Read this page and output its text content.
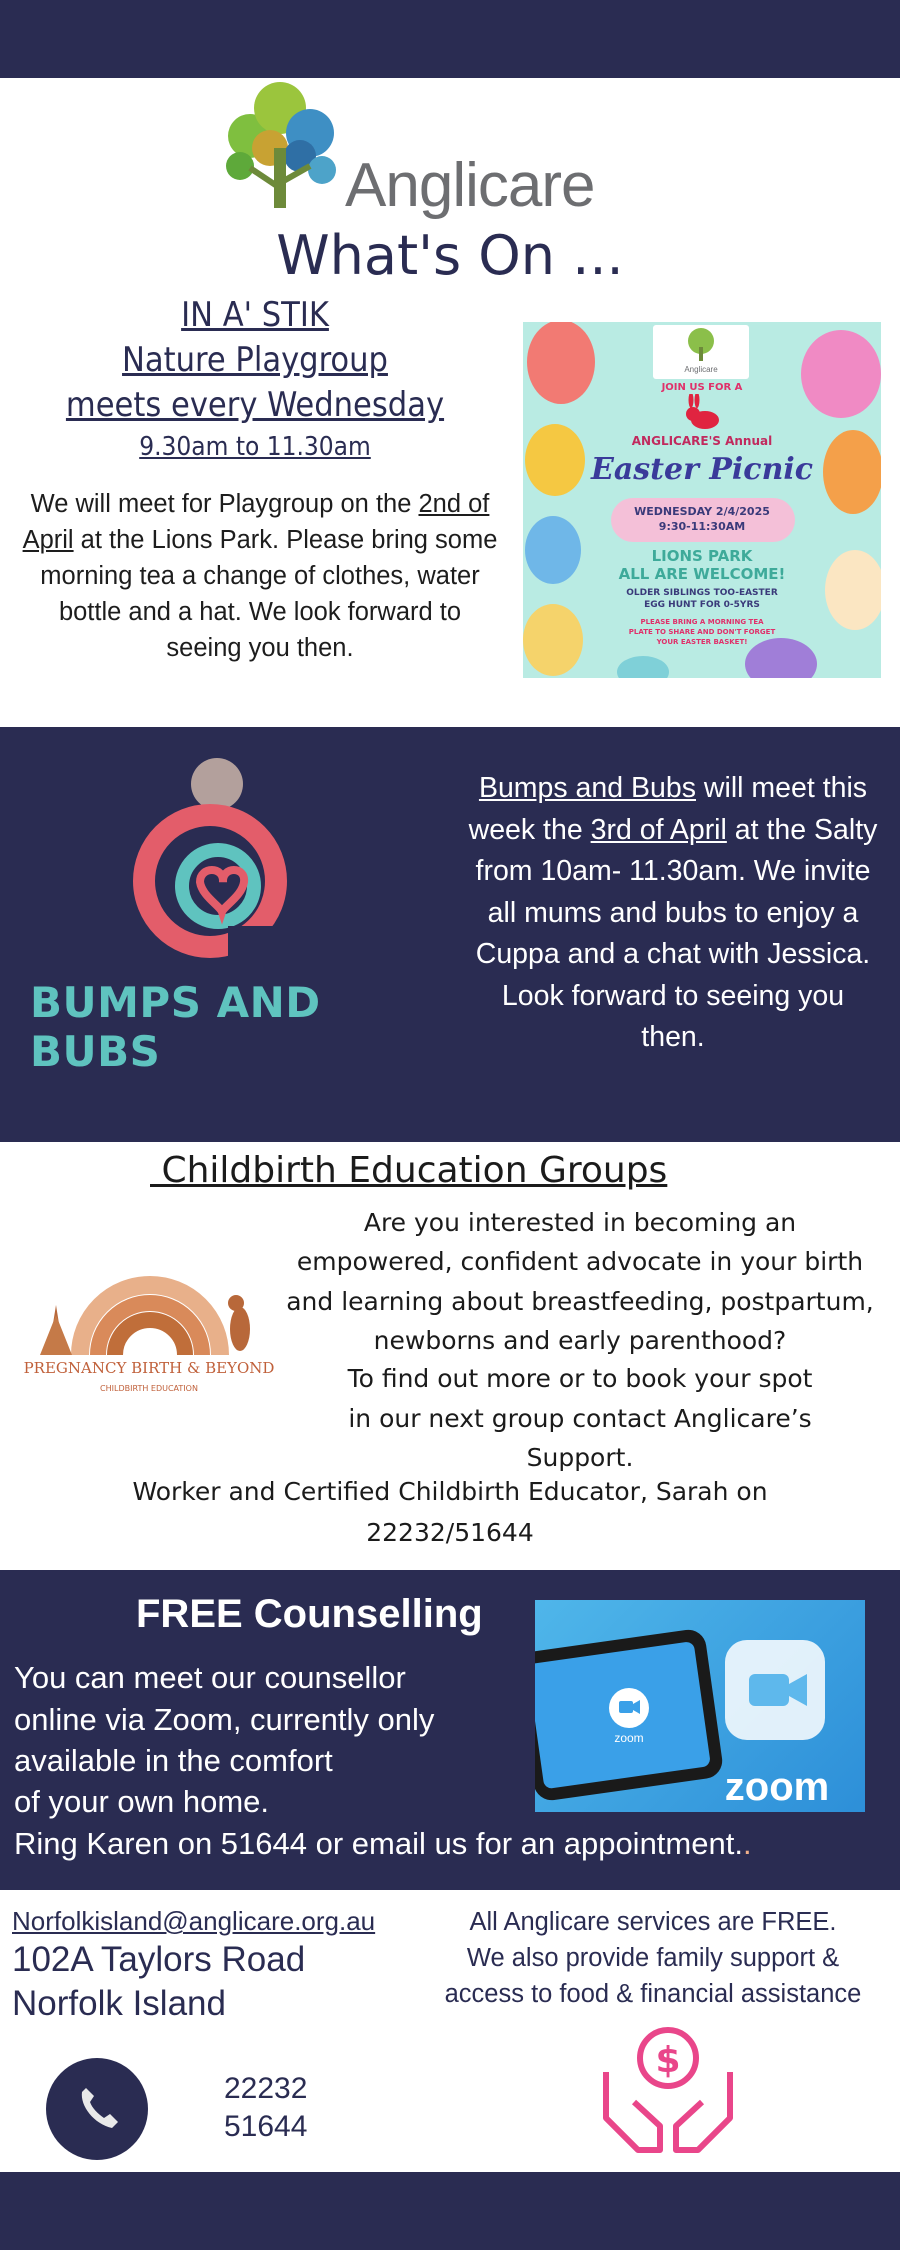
Anglicare
What's On ...
IN A' STIK
Nature Playgroup
meets every Wednesday
9.30am to 11.30am
We will meet for Playgroup on the 2nd of April at the Lions Park. Please bring some morning tea a change of clothes, water bottle and a hat. We look forward to seeing you then.
Anglicare
JOIN US FOR A
ANGLICARE'S Annual
Easter Picnic
WEDNESDAY 2/4/2025
9:30-11:30AM
LIONS PARK
ALL ARE WELCOME!
OLDER SIBLINGS TOO-EASTER
EGG HUNT FOR 0-5YRS
PLEASE BRING A MORNING TEA
PLATE TO SHARE AND DON'T FORGET
YOUR EASTER BASKET!
BUMPS AND BUBS
Bumps and Bubs will meet this week the 3rd of April at the Salty from 10am- 11.30am. We invite all mums and bubs to enjoy a Cuppa and a chat with Jessica. Look forward to seeing you then.
Childbirth Education Groups
PREGNANCY BIRTH & BEYOND
CHILDBIRTH EDUCATION
Are you interested in becoming an
empowered, confident advocate in your birth
and learning about breastfeeding, postpartum,
newborns and early parenthood?
To find out more or to book your spot
in our next group contact Anglicare’s
Support.
Worker and Certified Childbirth Educator, Sarah on
22232/51644
FREE Counselling
You can meet our counsellor
online via Zoom, currently only
available in the comfort
of your own home.
Ring Karen on 51644 or email us for an appointment..
zoom
zoom
Norfolkisland@anglicare.org.au
102A Taylors Road
Norfolk Island
All Anglicare services are FREE.
We also provide family support &
access to food & financial assistance
22232
51644
$
